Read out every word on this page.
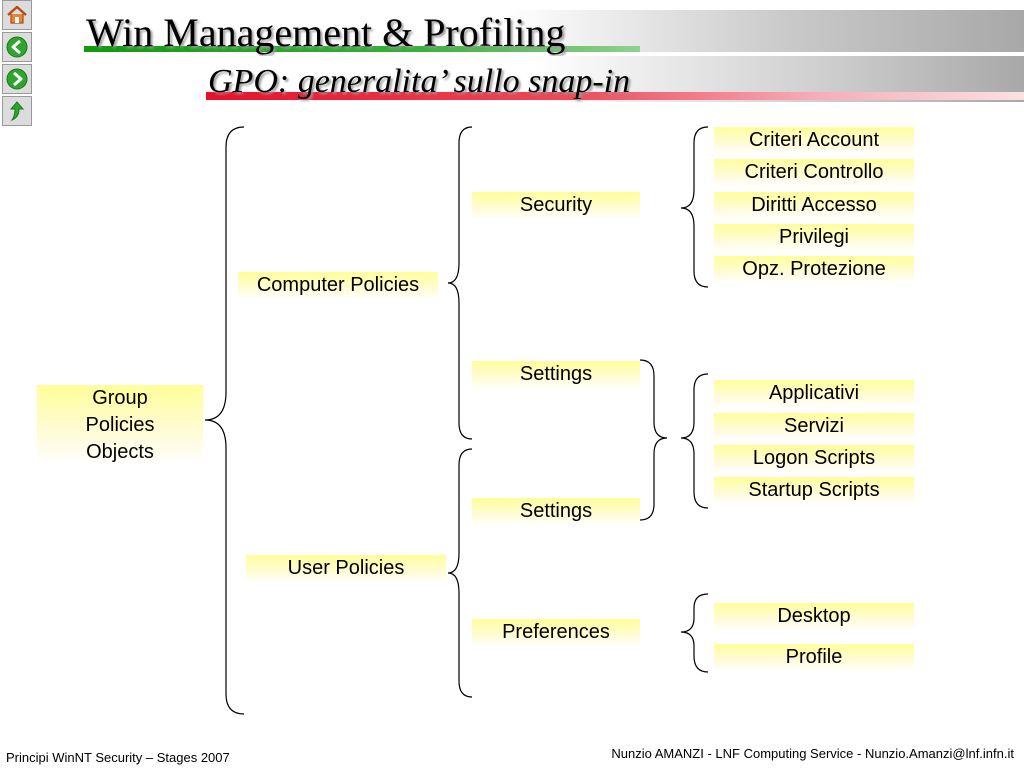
Win Management & Profiling
GPO: generalita’ sullo snap-in
Group
Policies
Objects
Computer Policies
User Policies
Security
Settings
Settings
Preferences
Criteri Account
Criteri Controllo
Diritti Accesso
Privilegi
Opz. Protezione
Applicativi
Servizi
Logon Scripts
Startup Scripts
Desktop
Profile
Principi WinNT Security – Stages 2007	Nunzio AMANZI - LNF Computing Service - Nunzio.Amanzi@lnf.infn.it
